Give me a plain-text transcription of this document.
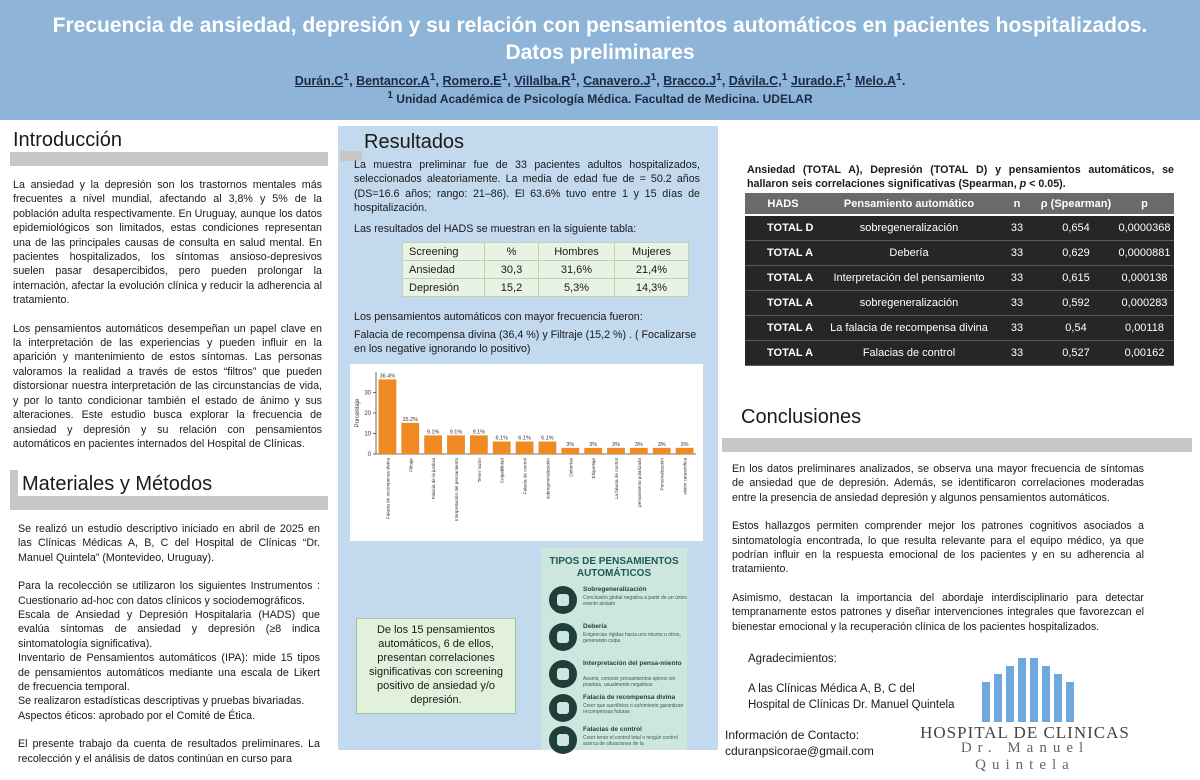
Frecuencia de ansiedad, depresión y su relación con pensamientos automáticos en pacientes hospitalizados.
Datos preliminares
$Durán.C^1$, $Bentancor.A^1$, $Romero.E^1$, $Villalba.R^1$, $Canavero.J^1$, $Bracco.J^1$, Dávila.C,$^1$ Jurado.F,$^1$ $Melo.A^1$.
$^1$ Unidad Académica de Psicología Médica. Facultad de Medicina. UDELAR
Introducción

La ansiedad y la depresión son los trastornos mentales más frecuentes a nivel mundial, afectando al 3,8% y 5% de la población adulta respectivamente. En Uruguay, aunque los datos epidemiológicos son limitados, estas condiciones representan una de las principales causas de consulta en salud mental. En pacientes hospitalizados, los síntomas ansioso-depresivos suelen pasar desapercibidos, pero pueden prolongar la internación, afectar la evolución clínica y reducir la adherencia al tratamiento.

Los pensamientos automáticos desempeñan un papel clave en la interpretación de las experiencias y pueden influir en la aparición y mantenimiento de estos síntomas. Las personas valoramos la realidad a través de estos “filtros” que pueden distorsionar nuestra interpretación de las circunstancias de vida, y por lo tanto condicionar también el estado de ánimo y sus alteraciones. Este estudio busca explorar la frecuencia de ansiedad y depresión y su relación con pensamientos automáticos en pacientes internados del Hospital de Clínicas.

Materiales y Métodos

Se realizó un estudio descriptivo iniciado en abril de 2025 en las Clínicas Médicas A, B, C del Hospital de Clínicas “Dr. Manuel Quintela” (Montevideo, Uruguay).

Para la recolección se utilizaron los siguientes Instrumentos : Cuestionario ad-hoc con datos clínicos y sociodemográficos.
Escala de Ansiedad y Depresión Hospitalaria (HADS) que evalúa síntomas de ansiedad y depresión (≥8 indica sintomatología significativa).
Inventario de Pensamientos automáticos (IPA): mide 15 tipos de pensamientos automáticos mediante una escala de Likert de frecuencia temporal.
Se realizaron estadísticas descriptivas y pruebas bivariadas.
Aspectos éticos: aprobado por el Comité de Ética.

El presente trabajo da cuenta de resultados preliminares. La recolección y el análisis de datos continúan en curso para

Resultados
La muestra preliminar fue de 33 pacientes adultos hospitalizados, seleccionados aleatoriamente. La media de edad fue de = 50.2 años (DS=16.6 años; rango: 21–86). El 63.6% tuvo entre 1 y 15 días de hospitalización.
Las resultados del HADS se muestran en la siguiente tabla:
Screening	%	Hombres	Mujeres
Ansiedad	30,3	31,6%	21,4%
Depresión	15,2	5,3%	14,3%
Los pensamientos automáticos con mayor frecuencia fueron:
Falacia de recompensa divina (36,4 %) y Filtraje (15,2 %) . ( Focalizarse en los negative ignorando lo positivo)
0
10
20
30
Porcentaje
36.4%
Falacia de recompensa divina
15.2%
Filtraje
9.1%
Falacia de la justicia
9.1%
Interpretación del pensamiento
9.1%
Tener razón
6.1%
Culpabilidad
6.1%
Falacia de control
6.1%
sobregeneralización
3%
Deberías
3%
Etiquetaje
3%
La falacia de control
3%
pensamiento polarizado
3%
Personalización
3%
visión catastrófica
De los 15 pensamientos automáticos, 6 de ellos, presentan correlaciones significativas con screening positivo de ansiedad y/o depresión.
TIPOS DE PENSAMIENTOS AUTOMÁTICOS
Sobregeneralización
Conclusión global negativa a partir de un único evento aislado
Debería
Exigencias rígidas hacia uno mismo u otros, generando culpa
Interpretación del pensa-miento
Asumir, conocer pensamientos ajenos sin pruebas, usualmente negativos
Falacia de recompensa divina
Creer que sacrificios o sufrimiento garantizan recompensas futuras
Falacias de control
Creer tener el control total o ningún control acerca de situaciones de la
Ansiedad (TOTAL A), Depresión (TOTAL D) y pensamientos automáticos, se hallaron seis correlaciones significativas (Spearman, p < 0.05).
HADS	Pensamiento automático	n	ρ (Spearman)	p
TOTAL D	sobregeneralización	33	0,654	0,0000368
TOTAL A	Debería	33	0,629	0,0000881
TOTAL A	Interpretación del pensamiento	33	0,615	0,000138
TOTAL A	sobregeneralización	33	0,592	0,000283
TOTAL A	La falacia de recompensa divina	33	0,54	0,00118
TOTAL A	Falacias de control	33	0,527	0,00162
Conclusiones

En los datos preliminares analizados, se observa una mayor frecuencia de síntomas de ansiedad que de depresión. Además, se identificaron correlaciones moderadas entre la presencia de ansiedad depresión y algunos pensamientos automáticos.

Estos hallazgos permiten comprender mejor los patrones cognitivos asociados a sintomatología encontrada, lo que resulta relevante para el equipo médico, ya que podrían influir en la respuesta emocional de los pacientes y en su adherencia al tratamiento.

Asimismo, destacan la importancia del abordaje interdisciplinario para detectar tempranamente estos patrones y diseñar intervenciones integrales que favorezcan el bienestar emocional y la recuperación clínica de los pacientes hospitalizados.

Agradecimientos:
A las Clínicas Médica A, B, C del
Hospital de Clínicas Dr. Manuel Quintela
Información de Contacto:
cduranpsicorae@gmail.com
HOSPITAL DE CLINICAS
Dr. Manuel Quintela
